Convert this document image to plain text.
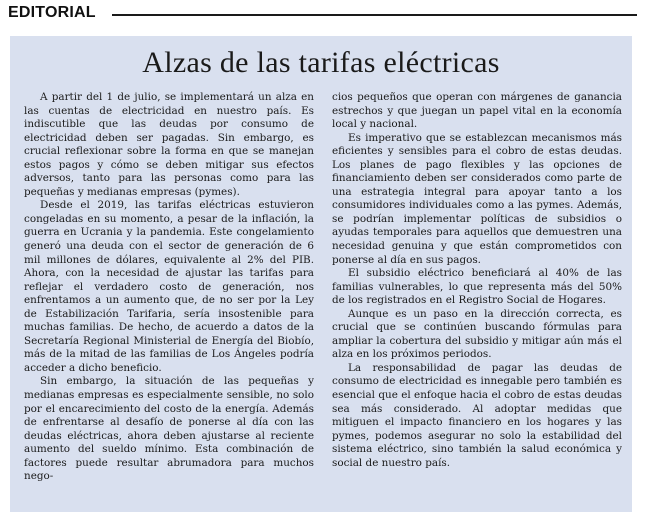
EDITORIAL
Alzas de las tarifas eléctricas

A partir del 1 de julio, se implementará un alza en las cuentas de electricidad en nuestro país. Es indiscutible que las deudas por consumo de electricidad deben ser pagadas. Sin embargo, es crucial reflexionar sobre la forma en que se manejan estos pagos y cómo se deben mitigar sus efectos adversos, tanto para las personas como para las pequeñas y medianas empresas (pymes).

Desde el 2019, las tarifas eléctricas estuvieron congeladas en su momento, a pesar de la inflación, la guerra en Ucrania y la pandemia. Este congelamiento generó una deuda con el sector de generación de 6 mil millones de dólares, equivalente al 2% del PIB. Ahora, con la necesidad de ajustar las tarifas para reflejar el verdadero costo de generación, nos enfrentamos a un aumento que, de no ser por la Ley de Estabilización Tarifaria, sería insostenible para muchas familias. De hecho, de acuerdo a datos de la Secretaría Regional Ministerial de Energía del Biobío, más de la mitad de las familias de Los Ángeles podría acceder a dicho beneficio.

Sin embargo, la situación de las pequeñas y medianas empresas es especialmente sensible, no solo por el encarecimiento del costo de la energía. Además de enfrentarse al desafío de ponerse al día con las deudas eléctricas, ahora deben ajustarse al reciente aumento del sueldo mínimo. Esta combinación de factores puede resultar abrumadora para muchos nego-

cios pequeños que operan con márgenes de ganancia estrechos y que juegan un papel vital en la economía local y nacional.

Es imperativo que se establezcan mecanismos más eficientes y sensibles para el cobro de estas deudas. Los planes de pago flexibles y las opciones de financiamiento deben ser considerados como parte de una estrategia integral para apoyar tanto a los consumidores individuales como a las pymes. Además, se podrían implementar políticas de subsidios o ayudas temporales para aquellos que demuestren una necesidad genuina y que están comprometidos con ponerse al día en sus pagos.

El subsidio eléctrico beneficiará al 40% de las familias vulnerables, lo que representa más del 50% de los registrados en el Registro Social de Hogares.

Aunque es un paso en la dirección correcta, es crucial que se continúen buscando fórmulas para ampliar la cobertura del subsidio y mitigar aún más el alza en los próximos periodos.

La responsabilidad de pagar las deudas de consumo de electricidad es innegable pero también es esencial que el enfoque hacia el cobro de estas deudas sea más considerado. Al adoptar medidas que mitiguen el impacto financiero en los hogares y las pymes, podemos asegurar no solo la estabilidad del sistema eléctrico, sino también la salud económica y social de nuestro país.
